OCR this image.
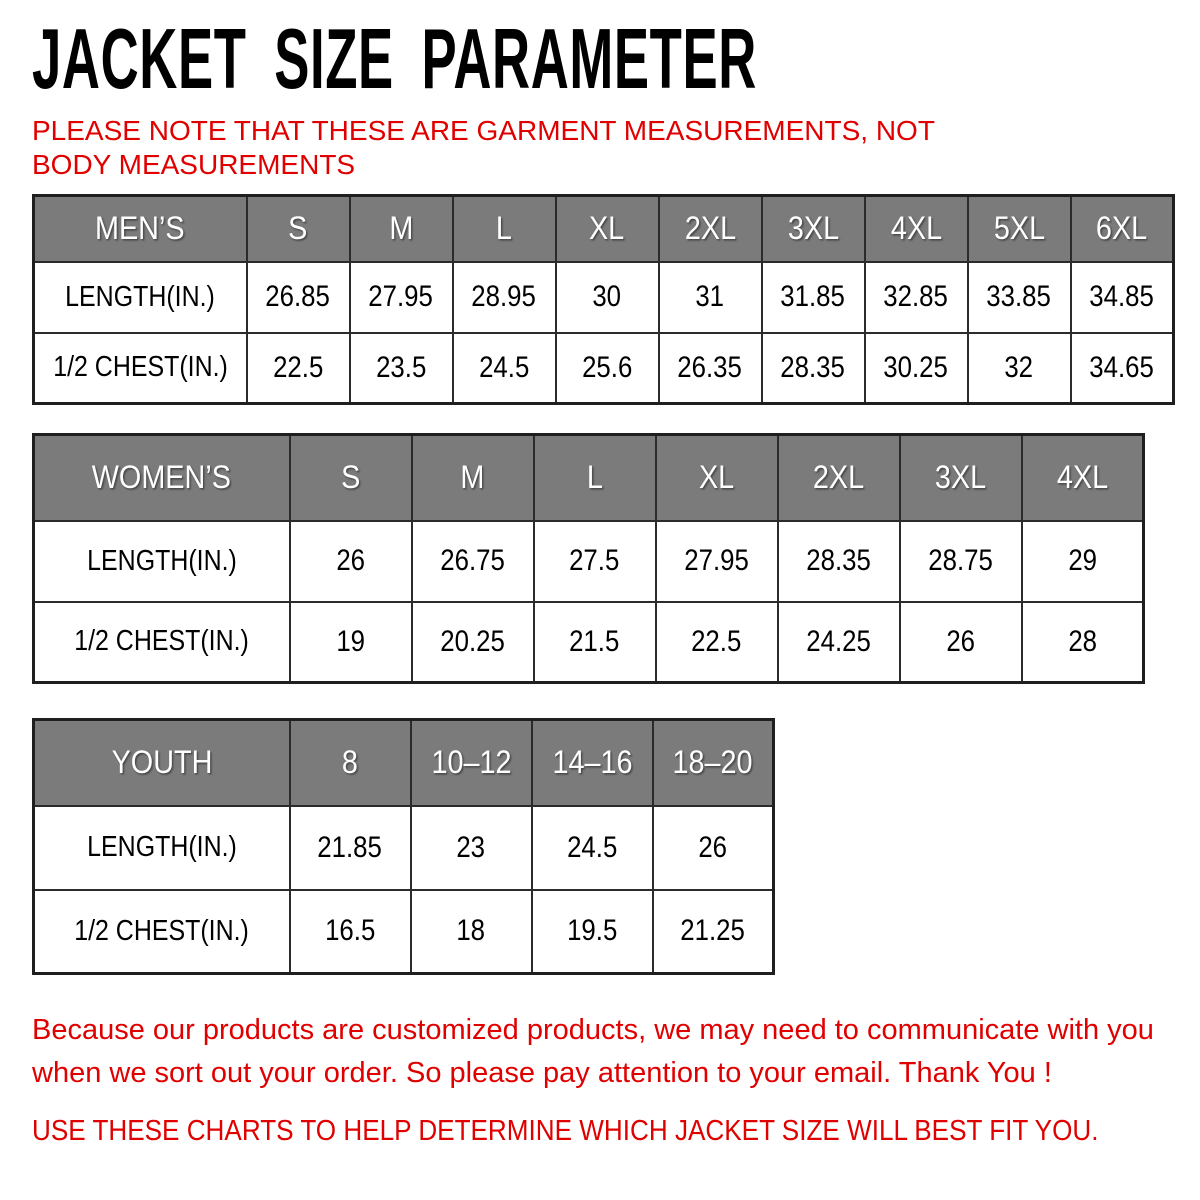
JACKET SIZE PARAMETER

PLEASE NOTE THAT THESE ARE GARMENT MEASUREMENTS, NOT BODY MEASUREMENTS

MEN’S	S	M	L	XL	2XL	3XL	4XL	5XL	6XL
LENGTH(IN.)	26.85	27.95	28.95	30	31	31.85	32.85	33.85	34.85
1/2 CHEST(IN.)	22.5	23.5	24.5	25.6	26.35	28.35	30.25	32	34.65
WOMEN’S	S	M	L	XL	2XL	3XL	4XL
LENGTH(IN.)	26	26.75	27.5	27.95	28.35	28.75	29
1/2 CHEST(IN.)	19	20.25	21.5	22.5	24.25	26	28
YOUTH	8	10–12	14–16	18–20
LENGTH(IN.)	21.85	23	24.5	26
1/2 CHEST(IN.)	16.5	18	19.5	21.25

Because our products are customized products, we may need to communicate with you
when we sort out your order. So please pay attention to your email. Thank You !

USE THESE CHARTS TO HELP DETERMINE WHICH JACKET SIZE WILL BEST FIT YOU.
